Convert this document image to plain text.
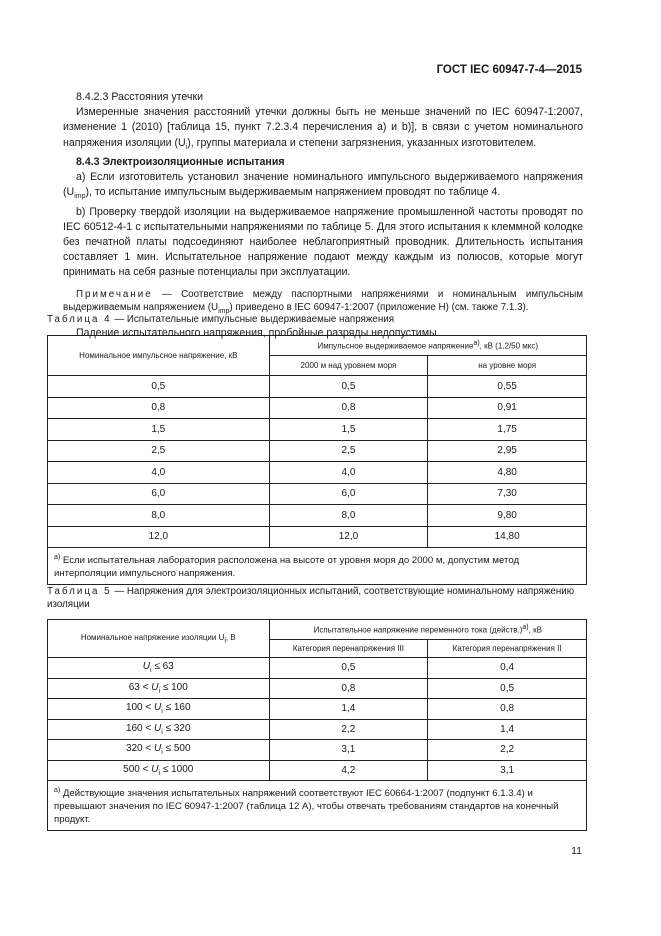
ГОСТ IEC 60947-7-4—2015

8.4.2.3 Расстояния утечки

Измеренные значения расстояний утечки должны быть не меньше значений по IEC 60947-1:2007, изменение 1 (2010) [таблица 15, пункт 7.2.3.4 перечисления а) и b)], в связи с учетом номинального напряжения изоляции $(U_i)$, группы материала и степени загрязнения, указанных изготовителем.

8.4.3 Электроизоляционные испытания

a) Если изготовитель установил значение номинального импульсного выдерживаемого напряжения $(U_{imp})$, то испытание импульсным выдерживаемым напряжением проводят по таблице 4.

b) Проверку твердой изоляции на выдерживаемое напряжение промышленной частоты проводят по IEC 60512-4-1 с испытательными напряжениями по таблице 5. Для этого испытания к клеммной колодке без печатной платы подсоединяют наиболее неблагоприятный проводник. Длительность испытания составляет 1 мин. Испытательное напряжение подают между каждым из полюсов, которые могут принимать на себя разные потенциалы при эксплуатации.

Примечание — Соответствие между паспортными напряжениями и номинальным импульсным выдерживаемым напряжением $(U_{imp})$ приведено в IEC 60947-1:2007 (приложение Н) (см. также 7.1.3).

Падение испытательного напряжения, пробойные разряды недопустимы.

Таблица 4 — Испытательные импульсные выдерживаемые напряжения
Номинальное импульсное напряжение, кВ	Импульсное выдерживаемое напряжение$^{а)}$, кВ (1,2/50 мкс)	
	2000 м над уровнем моря	на уровне моря
0,5	0,5	0,55
0,8	0,8	0,91
1,5	1,5	1,75
2,5	2,5	2,95
4,0	4,0	4,80
6,0	6,0	7,30
8,0	8,0	9,80
12,0	12,0	14,80
$^{а)}$ Если испытательная лаборатория расположена на высоте от уровня моря до 2000 м, допустим метод интерполяции импульсного напряжения.		
Таблица 5 — Напряжения для электроизоляционных испытаний, соответствующие номинальному напряжению изоляции
Номинальное напряжение изоляции $U_i$, В	Испытательное напряжение переменного тока (действ.)$^{а)}$, кВ	
	Категория перенапряжения III	Категория перенапряжения II
$U_i \le 63$	0,5	0,4
$63 < U_i \le 100$	0,8	0,5
$100 < U_i \le 160$	1,4	0,8
$160 < U_i \le 320$	2,2	1,4
$320 < U_i \le 500$	3,1	2,2
$500 < U_i \le 1000$	4,2	3,1
$^{а)}$ Действующие значения испытательных напряжений соответствуют IEC 60664-1:2007 (подпункт 6.1.3.4) и превышают значения по IEC 60947-1:2007 (таблица 12 А), чтобы отвечать требованиям стандартов на конечный продукт.		
11
